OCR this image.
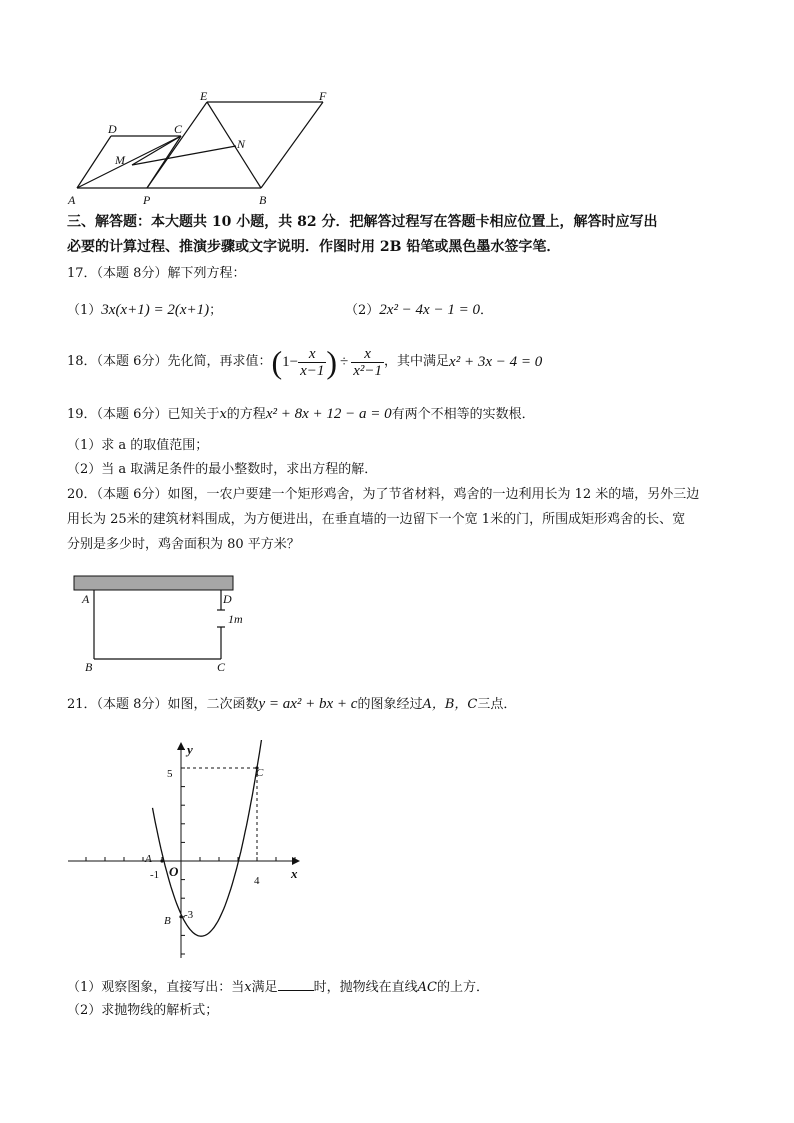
A	P	B
D	C
E	F
M
N
三、解答题：本大题共 10 小题，共 82 分．把解答过程写在答题卡相应位置上，解答时应写出
必要的计算过程、推演步骤或文字说明．作图时用 2B 铅笔或黑色墨水签字笔．
17．（本题 8分）解下列方程：
（1）3x(x+1) = 2(x+1)；	（2）2x² − 4x − 1 = 0．
18．（本题 6分）先化简，再求值： ( $1- \frac{x}{x-1}$ ) ÷ $\frac{x}{\text{x²−1}}$ ，其中满足 x² + 3x − 4 = 0
19．（本题 6分）已知关于x的方程x² + 8x + 12 − a = 0有两个不相等的实数根．
（1）求 a 的取值范围；
（2）当 a 取满足条件的最小整数时，求出方程的解．
20．（本题 6分）如图，一农户要建一个矩形鸡舍，为了节省材料，鸡舍的一边利用长为 12 米的墙，另外三边
用长为 25米的建筑材料围成，为方便进出，在垂直墙的一边留下一个宽 1米的门，所围成矩形鸡舍的长、宽
分别是多少时，鸡舍面积为 80 平方米？
A	D
1m
B	C
21．（本题 8分）如图，二次函数y = ax² + bx + c的图象经过A，B，C三点．
y
x
O
5
4
-1
-3
A
B
C
（1）观察图象，直接写出：当x满足	时，抛物线在直线AC的上方．
（2）求抛物线的解析式；
